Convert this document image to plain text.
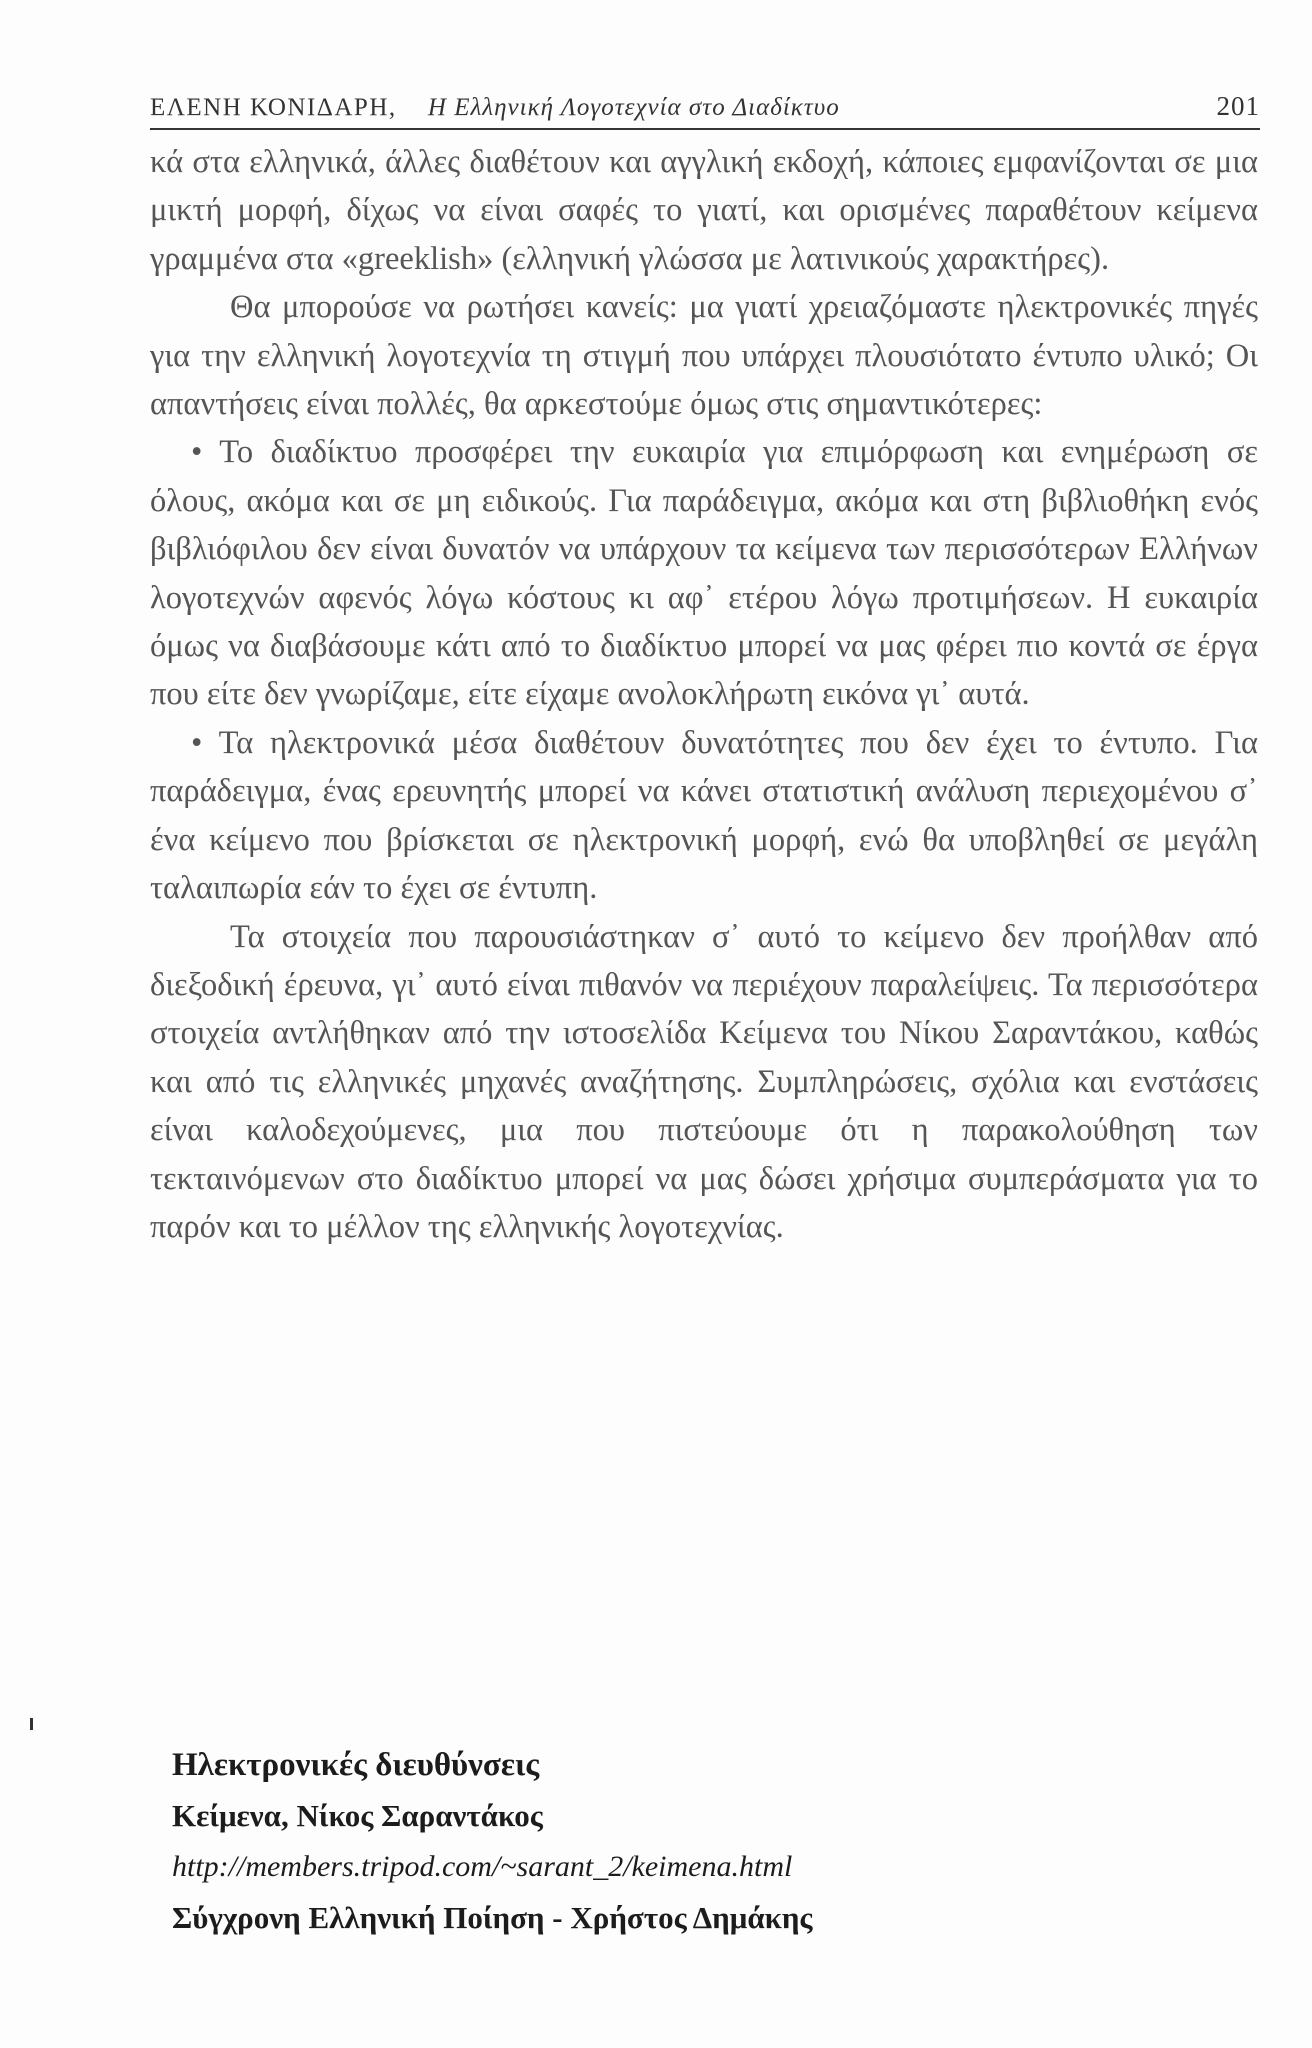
ΕΛΕΝΗ ΚΟΝΙΔΑΡΗ, Η Ελληνική Λογοτεχνία στο Διαδίκτυο	201

κά στα ελληνικά, άλλες διαθέτουν και αγγλική εκδοχή, κάποιες εμφανίζονται σε μια μικτή μορφή, δίχως να είναι σαφές το γιατί, και ορισμένες παραθέτουν κείμενα γραμμένα στα «greeklish» (ελληνική γλώσσα με λατινικούς χαρακτήρες).

Θα μπορούσε να ρωτήσει κανείς: μα γιατί χρειαζόμαστε ηλεκτρονικές πηγές για την ελληνική λογοτεχνία τη στιγμή που υπάρχει πλουσιότατο έντυπο υλικό; Οι απαντήσεις είναι πολλές, θα αρκεστούμε όμως στις σημαντικότερες:

• Το διαδίκτυο προσφέρει την ευκαιρία για επιμόρφωση και ενημέρωση σε όλους, ακόμα και σε μη ειδικούς. Για παράδειγμα, ακόμα και στη βιβλιοθήκη ενός βιβλιόφιλου δεν είναι δυνατόν να υπάρχουν τα κείμενα των περισσότερων Ελλήνων λογοτεχνών αφενός λόγω κόστους κι αφ᾽ ετέρου λόγω προτιμήσεων. Η ευκαιρία όμως να διαβάσουμε κάτι από το διαδίκτυο μπορεί να μας φέρει πιο κοντά σε έργα που είτε δεν γνωρίζαμε, είτε είχαμε ανολοκλήρωτη εικόνα γι᾽ αυτά.

• Τα ηλεκτρονικά μέσα διαθέτουν δυνατότητες που δεν έχει το έντυπο. Για παράδειγμα, ένας ερευνητής μπορεί να κάνει στατιστική ανάλυση περιεχομένου σ᾽ ένα κείμενο που βρίσκεται σε ηλεκτρονική μορφή, ενώ θα υποβληθεί σε μεγάλη ταλαιπωρία εάν το έχει σε έντυπη.

Τα στοιχεία που παρουσιάστηκαν σ᾽ αυτό το κείμενο δεν προήλθαν από διεξοδική έρευνα, γι᾽ αυτό είναι πιθανόν να περιέχουν παραλείψεις. Τα περισσότερα στοιχεία αντλήθηκαν από την ιστοσελίδα Κείμενα του Νίκου Σαραντάκου, καθώς και από τις ελληνικές μηχανές αναζήτησης. Συμπληρώσεις, σχόλια και ενστάσεις είναι καλοδεχούμενες, μια που πιστεύουμε ότι η παρακολούθηση των τεκταινόμενων στο διαδίκτυο μπορεί να μας δώσει χρήσιμα συμπεράσματα για το παρόν και το μέλλον της ελληνικής λογοτεχνίας.

Ηλεκτρονικές διευθύνσεις

Κείμενα, Νίκος Σαραντάκος

http://members.tripod.com/~sarant_2/keimena.html

Σύγχρονη Ελληνική Ποίηση - Χρήστος Δημάκης
